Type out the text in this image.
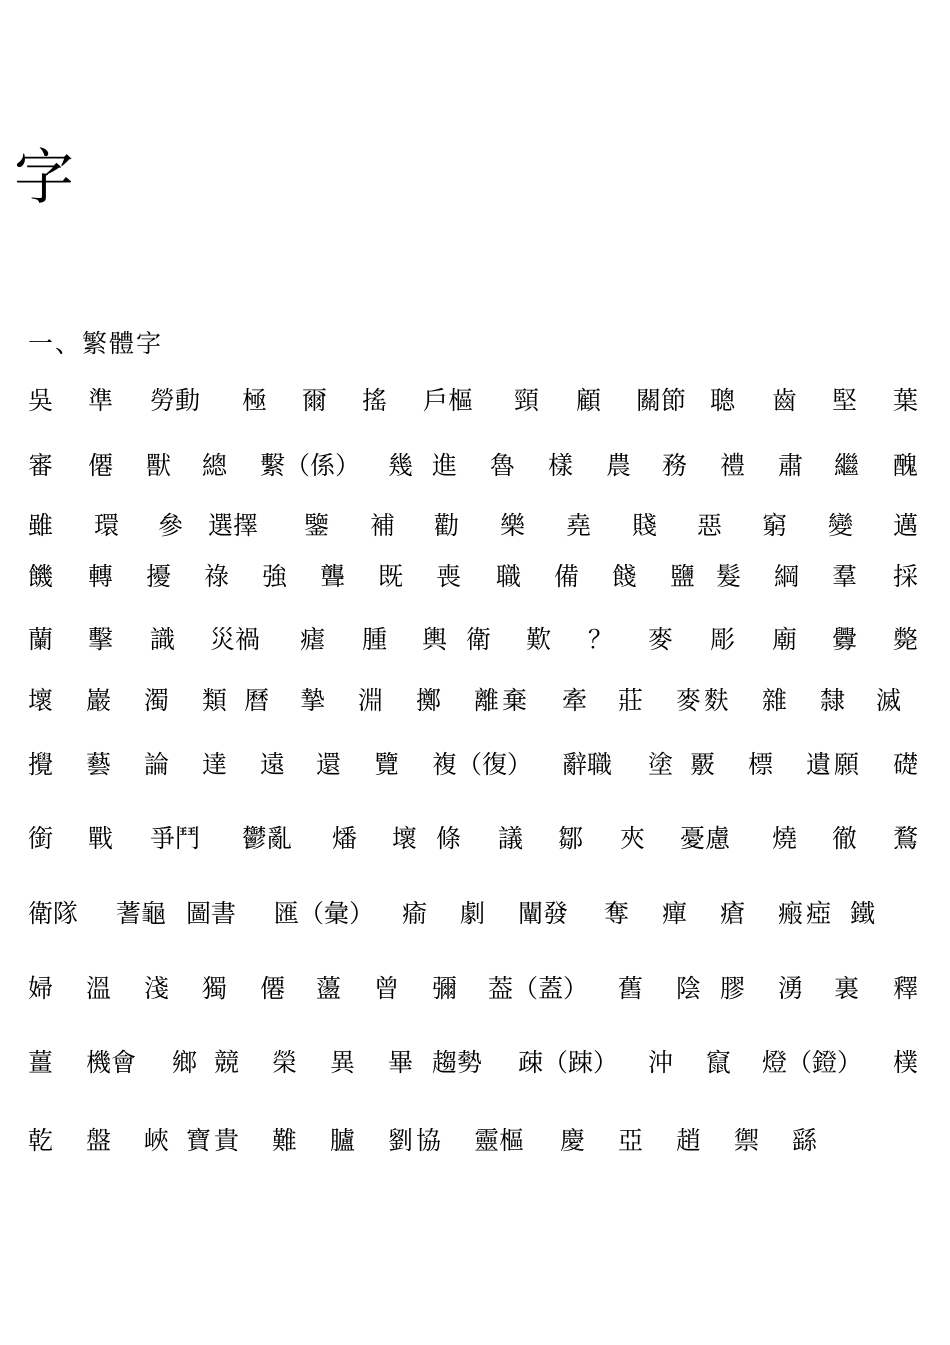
字
一、繁體字
吳 準 勞動 極 爾 搖 戶樞 頸 顧 關節 聰 齒 堅 葉
審 僊 獸 總 繫（係） 幾 進 魯 樣 農 務 禮 肅 繼 醜
雖 環 參 選擇 鑒 補 勸 樂 堯 賤 惡 窮 變 邁
饑 轉 擾 祿 強 聾 既 喪 職 備 餞 鹽 髮 綱 羣 採
蘭 擊 識 災禍 瘧 腫 輿 衛 歎 ？ 麥 彫 廟 釁 斃
壞 巖 濁 類 曆 摯 淵 擲 離 棄 牽 莊 麥 麩 雜 隸 滅
攪 藝 論 達 遠 還 覽 複（復） 辭職 塗 覈 標 遺 願 礎
銜 戰 爭鬥 鬱亂 燔 壞 條 議 鄒 夾 憂慮 燒 徹 鶩
衛隊 蓍龜 圖書 匯（彙） 瘉 劇 闡發 奪 癉 瘡 瘢 瘂 鐵
婦 溫 淺 獨 僊 蘯 曾 彌 葢（蓋） 舊 陰 膠 湧 裏 釋
薑 機會 鄉 競 榮 異 畢 趨勢 疎（踈） 沖 竄 燈（鐙） 樸
乾 盤 峽 寶 貴 難 臚 劉 協 靈樞 慶 亞 趙 禦 繇
